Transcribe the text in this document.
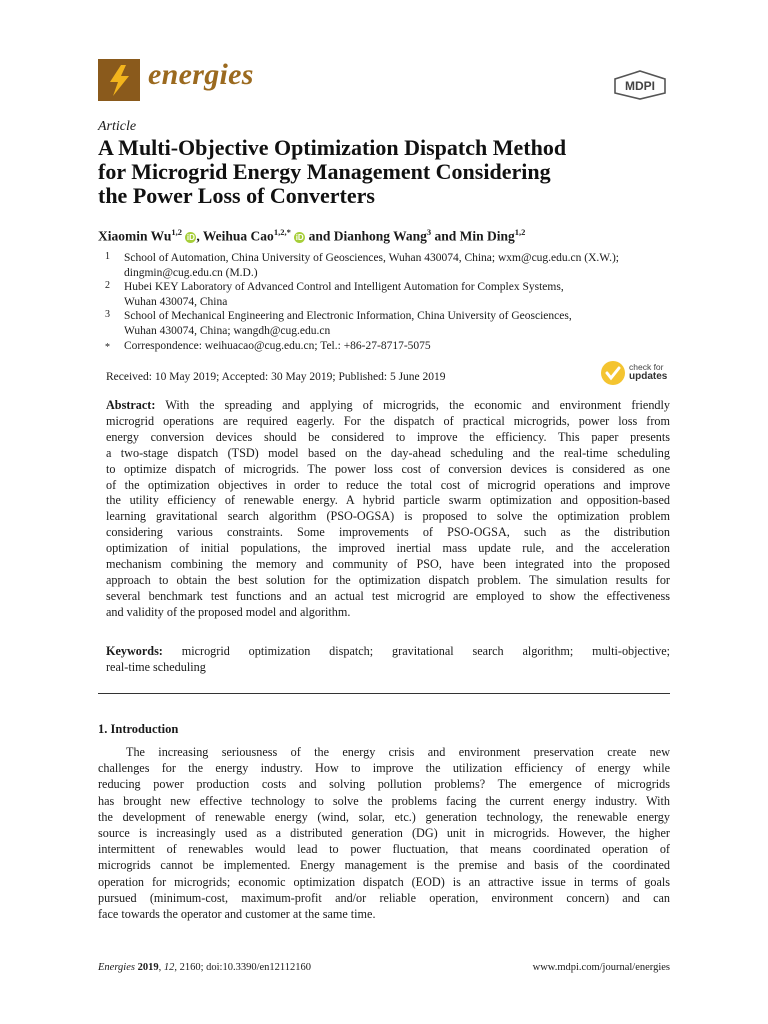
energies	MDPI
Article
A Multi-Objective Optimization Dispatch Method
for Microgrid Energy Management Considering
the Power Loss of Converters
Xiaomin Wu$^{1,2}$ iD , Weihua Cao$^{1,2,*}$ iD and Dianhong Wang$^3$ and Min Ding$^{1,2}$
1 School of Automation, China University of Geosciences, Wuhan 430074, China; wxm@cug.edu.cn (X.W.);
dingmin@cug.edu.cn (M.D.)
2 Hubei KEY Laboratory of Advanced Control and Intelligent Automation for Complex Systems,
Wuhan 430074, China
3 School of Mechanical Engineering and Electronic Information, China University of Geosciences,
Wuhan 430074, China; wangdh@cug.edu.cn
* Correspondence: weihuacao@cug.edu.cn; Tel.: +86-27-8717-5075
Received: 10 May 2019; Accepted: 30 May 2019; Published: 5 June 2019
check for
updates
Abstract: With the spreading and applying of microgrids, the economic and environment friendly
microgrid operations are required eagerly. For the dispatch of practical microgrids, power loss from
energy conversion devices should be considered to improve the efficiency. This paper presents
a two-stage dispatch (TSD) model based on the day-ahead scheduling and the real-time scheduling
to optimize dispatch of microgrids. The power loss cost of conversion devices is considered as one
of the optimization objectives in order to reduce the total cost of microgrid operations and improve
the utility efficiency of renewable energy. A hybrid particle swarm optimization and opposition-based
learning gravitational search algorithm (PSO-OGSA) is proposed to solve the optimization problem
considering various constraints. Some improvements of PSO-OGSA, such as the distribution
optimization of initial populations, the improved inertial mass update rule, and the acceleration
mechanism combining the memory and community of PSO, have been integrated into the proposed
approach to obtain the best solution for the optimization dispatch problem. The simulation results for
several benchmark test functions and an actual test microgrid are employed to show the effectiveness
and validity of the proposed model and algorithm.
Keywords: microgrid optimization dispatch; gravitational search algorithm; multi-objective;
real-time scheduling
1. Introduction
The increasing seriousness of the energy crisis and environment preservation create new
challenges for the energy industry. How to improve the utilization efficiency of energy while
reducing power production costs and solving pollution problems? The emergence of microgrids
has brought new effective technology to solve the problems facing the current energy industry. With
the development of renewable energy (wind, solar, etc.) generation technology, the renewable energy
source is increasingly used as a distributed generation (DG) unit in microgrids. However, the higher
intermittent of renewables would lead to power fluctuation, that means coordinated operation of
microgrids cannot be implemented. Energy management is the premise and basis of the coordinated
operation for microgrids; economic optimization dispatch (EOD) is an attractive issue in terms of goals
pursued (minimum-cost, maximum-profit and/or reliable operation, environment concern) and can
face towards the operator and customer at the same time.
Energies 2019, 12, 2160; doi:10.3390/en12112160	www.mdpi.com/journal/energies
